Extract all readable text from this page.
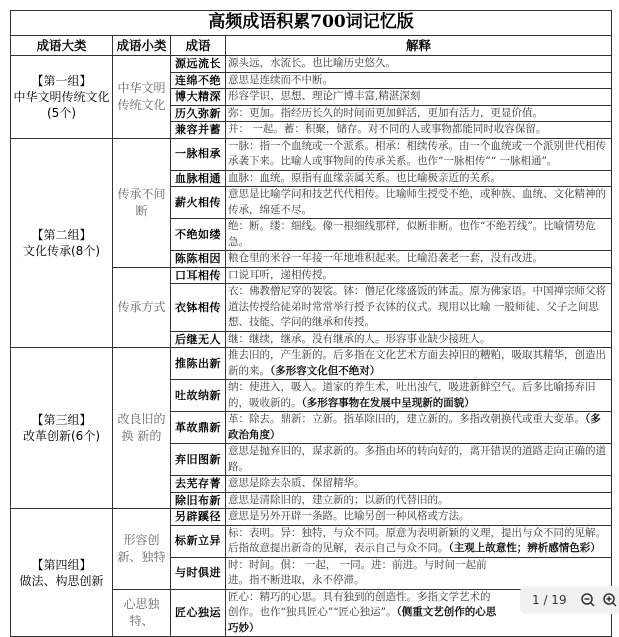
高频成语积累700词记忆版			
成语大类	成语小类	成语	解释

【第一组】
中华文明传统文化
(5个)	中华文明传统文化	源远流长	源头远，水流长。也比喻历史悠久。
		连绵不绝	意思是连续而不中断。
		博大精深	形容学识、思想、理论广博丰富,精湛深刻
		历久弥新	弥：更加。指经历长久的时间而更加鲜活，更加有活力，更显价值。
		兼容并蓄	并： 一起。蓄：积聚，储存。对不同的人或事物都能同时收容保留。

【第二组】
文化传承(8个)	传承不间断	一脉相承	一脉：指一个血统或一个派系。相承：相续传承。由一个血统或一个派别世代相传承袭下来。比喻人或事物间的传承关系。也作“一脉相传”“ 一脉相通”。
		血脉相通	血脉：血统。原指有血缘亲属关系。也比喻极亲近的关系。
		薪火相传	意思是比喻学问和技艺代代相传。比喻师生授受不绝，或种族、血统、文化精神的传承，绵延不尽。
		不绝如缕	绝：断。缕：细线。像一根细线那样，似断非断。也作“不绝若线”。比喻情势危急。
		陈陈相因	粮仓里的米谷一年接一年地堆积起来。比喻沿袭老一套，没有改进。
	传承方式	口耳相传	口说耳听，递相传授。
		衣钵相传	衣：佛教僧尼穿的袈裟。钵：僧尼化缘盛饭的钵盂。原为佛家语。中国禅宗师父将道法传授给徒弟时常常举行授予衣钵的仪式。现用以比喻 一般师徒、父子之间思想、技能、学问的继承和传授。
		后继无人	继：继续，继承。没有继承的人。形容事业缺少接班人。

【第三组】
改革创新(6个)	改良旧的换 新的	推陈出新	推去旧的，产生新的。后多指在文化艺术方面去掉旧的糟粕，吸取其精华，创造出新的来。（多形容文化但不绝对）
		吐故纳新	纳：使进入，吸入。道家的养生术，吐出浊气，吸进新鲜空气。后多比喻扬弃旧的，吸收新的。（多形容事物在发展中呈现新的面貌）
		革故鼎新	革：除去。鼎新：立新。指革除旧的，建立新的。多指改朝换代或重大变革。（多政治角度）
		弃旧图新	意思是抛弃旧的，谋求新的。多指由坏的转向好的，离开错误的道路走向正确的道路。
		去芜存菁	意思是除去杂质、保留精华。
		除旧布新	意思是清除旧的，建立新的；以新的代替旧的。

【第四组】
做法、构思创新	形容创新、独特	另辟蹊径	意思是另外开辟一条路。比喻另创一种风格或方法。
		标新立异	标：表明。异：独特，与众不同。原意为表明新颖的义理，提出与众不同的见解。后指故意提出新奇的见解，表示自己与众不同。（主观上故意性；辨析感情色彩）
		与时俱进	时：时间。俱： 一起， 一同。进：前进。与时间一起前进。指不断进取，永不停滞。
	心思独特、	匠心独运	匠心：精巧的心思。具有独到的创造性。多指文学艺术的创作。也作“独具匠心”“匠心独运”。（侧重文艺创作的心思巧妙）
1 / 19
